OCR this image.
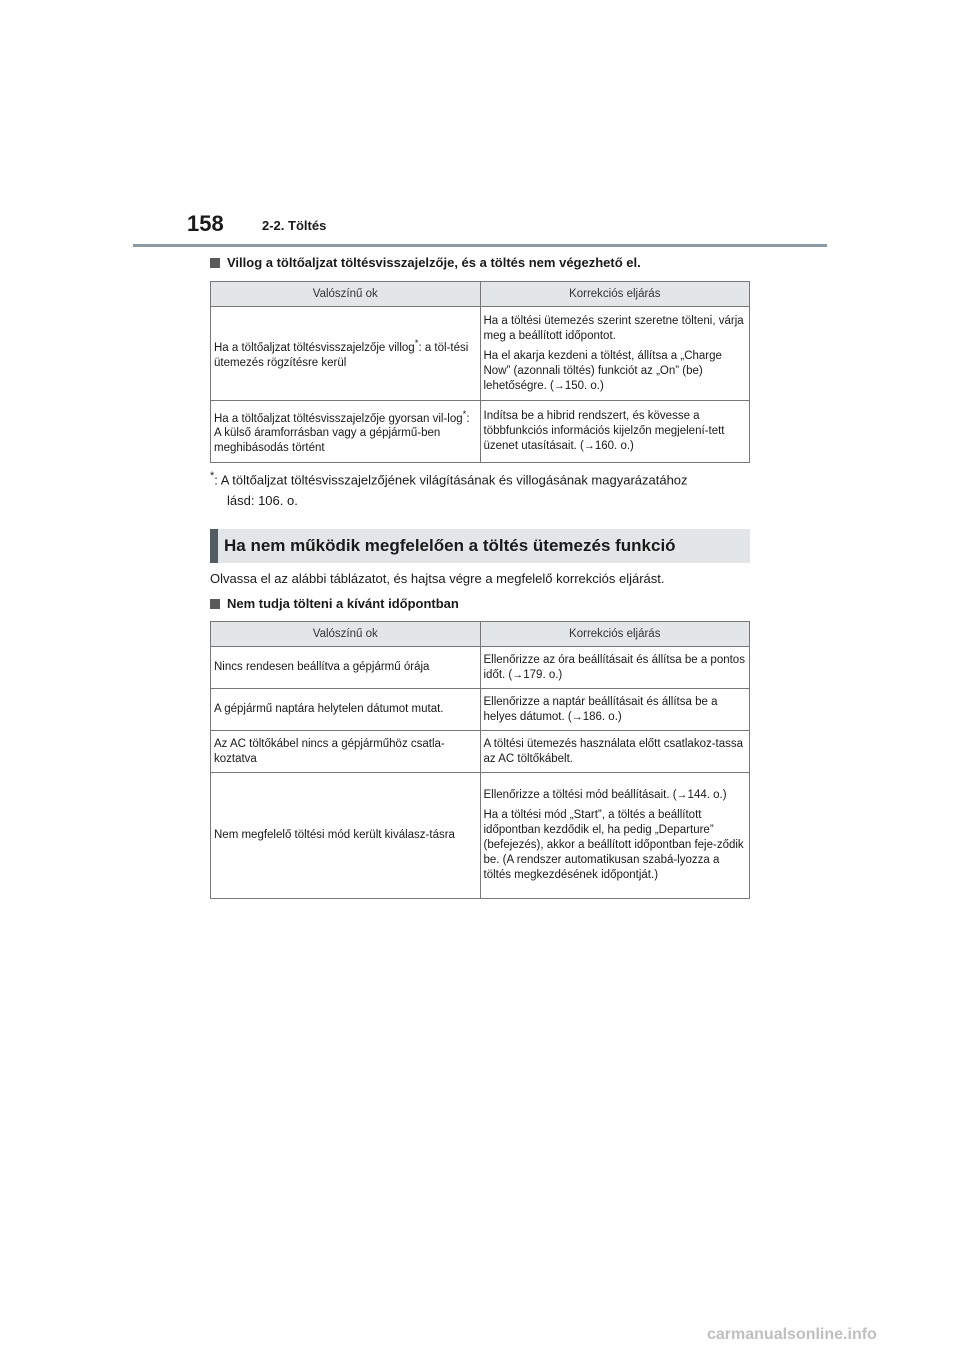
158	2-2. Töltés
Villog a töltőaljzat töltésvisszajelzője, és a töltés nem végezhető el.
Valószínű ok	Korrekciós eljárás
Ha a töltőaljzat töltésvisszajelzője villog*: a töl-tési ütemezés rögzítésre kerül	Ha a töltési ütemezés szerint szeretne tölteni, várja meg a beállított időpontot.

Ha el akarja kezdeni a töltést, állítsa a „Charge Now” (azonnali töltés) funkciót az „On” (be) lehetőségre. (→150. o.)

Ha a töltőaljzat töltésvisszajelzője gyorsan vil-log*: A külső áramforrásban vagy a gépjármű-ben meghibásodás történt	Indítsa be a hibrid rendszert, és kövesse a többfunkciós információs kijelzőn megjelení-tett üzenet utasításait. (→160. o.)
*: A töltőaljzat töltésvisszajelzőjének világításának és villogásának magyarázatához
lásd: 106. o.
Ha nem működik megfelelően a töltés ütemezés funkció
Olvassa el az alábbi táblázatot, és hajtsa végre a megfelelő korrekciós eljárást.
Nem tudja tölteni a kívánt időpontban
Valószínű ok	Korrekciós eljárás
Nincs rendesen beállítva a gépjármű órája	Ellenőrizze az óra beállításait és állítsa be a pontos időt. (→179. o.)
A gépjármű naptára helytelen dátumot mutat.	Ellenőrizze a naptár beállításait és állítsa be a helyes dátumot. (→186. o.)
Az AC töltőkábel nincs a gépjárműhöz csatla-koztatva	A töltési ütemezés használata előtt csatlakoz-tassa az AC töltőkábelt.
Nem megfelelő töltési mód került kiválasz-tásra	Ellenőrizze a töltési mód beállításait. (→144. o.)

Ha a töltési mód „Start”, a töltés a beállított időpontban kezdődik el, ha pedig „Departure” (befejezés), akkor a beállított időpontban feje-ződik be. (A rendszer automatikusan szabá-lyozza a töltés megkezdésének időpontját.)

carmanualsonline.info
